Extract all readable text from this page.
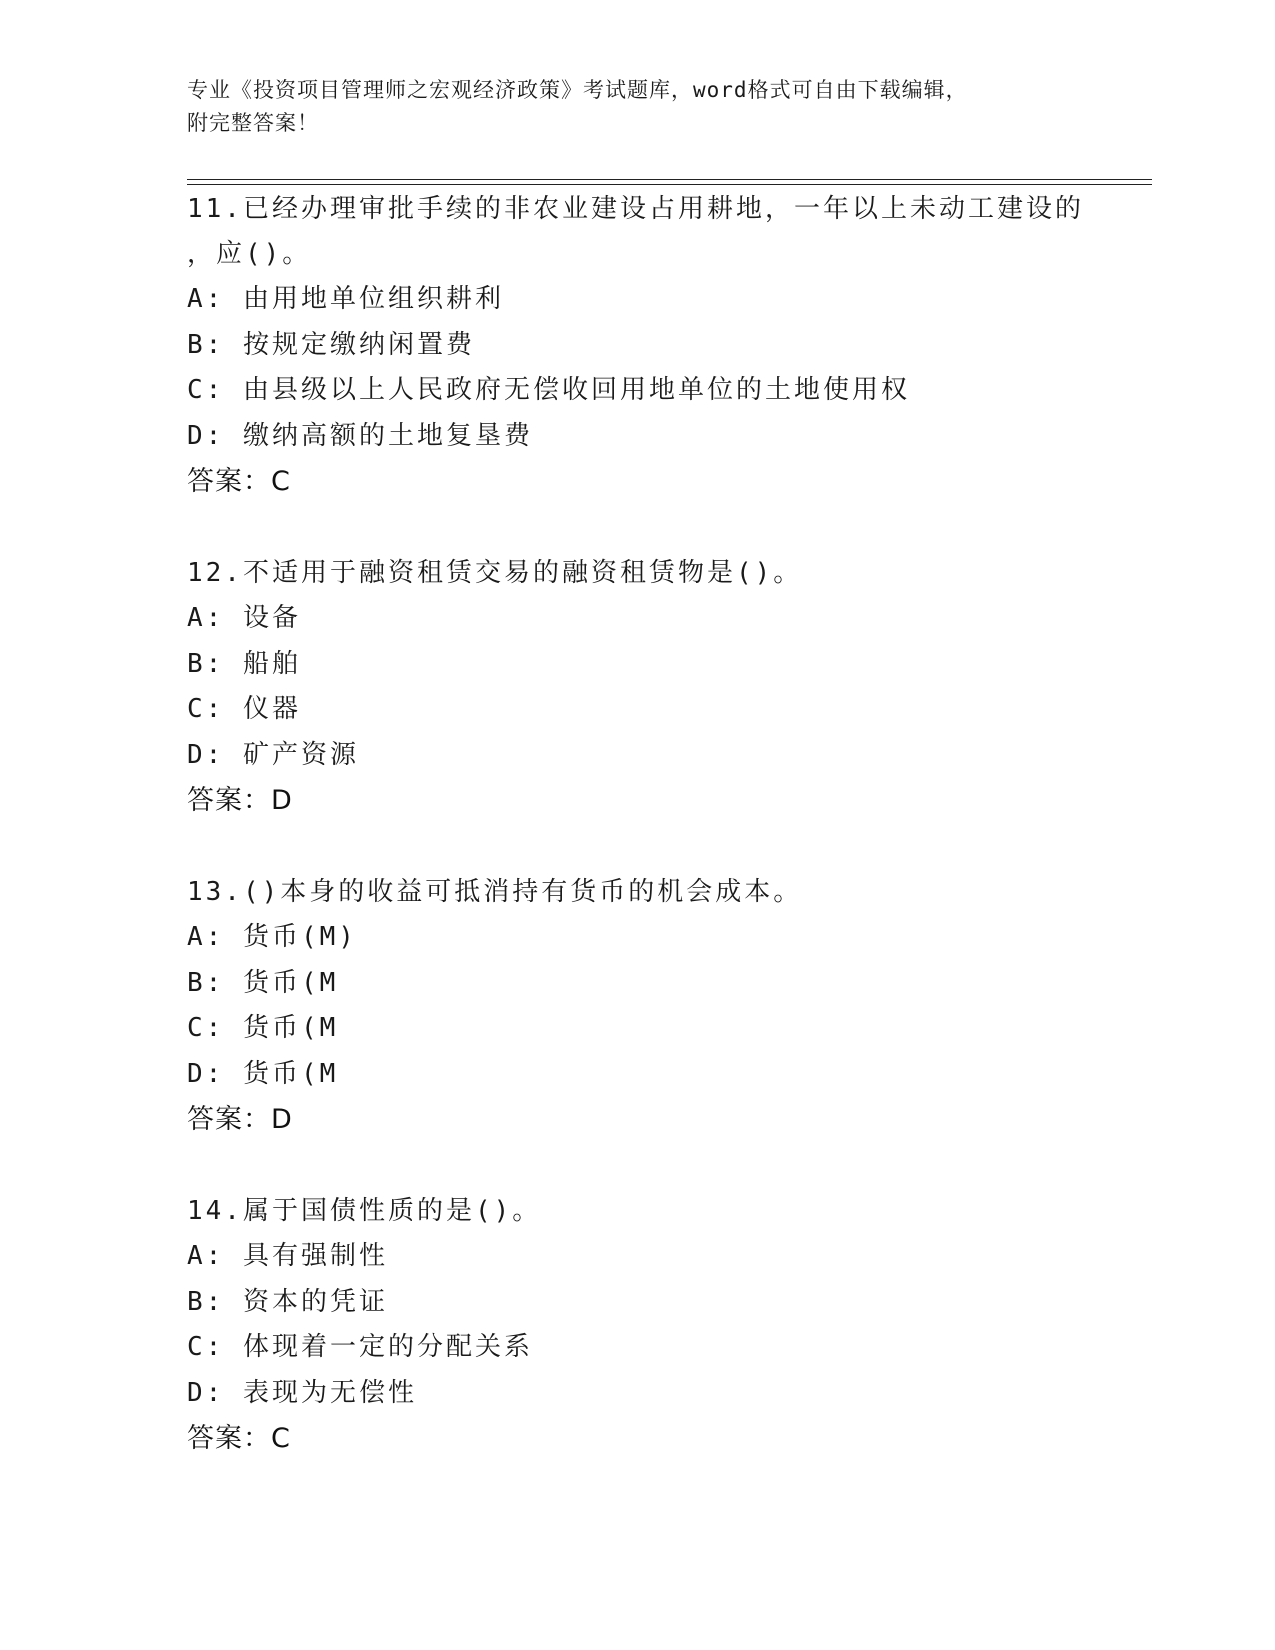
专业《投资项目管理师之宏观经济政策》考试题库，word格式可自由下载编辑，
附完整答案！
11.已经办理审批手续的非农业建设占用耕地，一年以上未动工建设的
，应()。
A: 由用地单位组织耕利
B: 按规定缴纳闲置费
C: 由县级以上人民政府无偿收回用地单位的土地使用权
D: 缴纳高额的土地复垦费
答案：C
12.不适用于融资租赁交易的融资租赁物是()。
A: 设备
B: 船舶
C: 仪器
D: 矿产资源
答案：D
13.()本身的收益可抵消持有货币的机会成本。
A: 货币(M)
B: 货币(M
C: 货币(M
D: 货币(M
答案：D
14.属于国债性质的是()。
A: 具有强制性
B: 资本的凭证
C: 体现着一定的分配关系
D: 表现为无偿性
答案：C
